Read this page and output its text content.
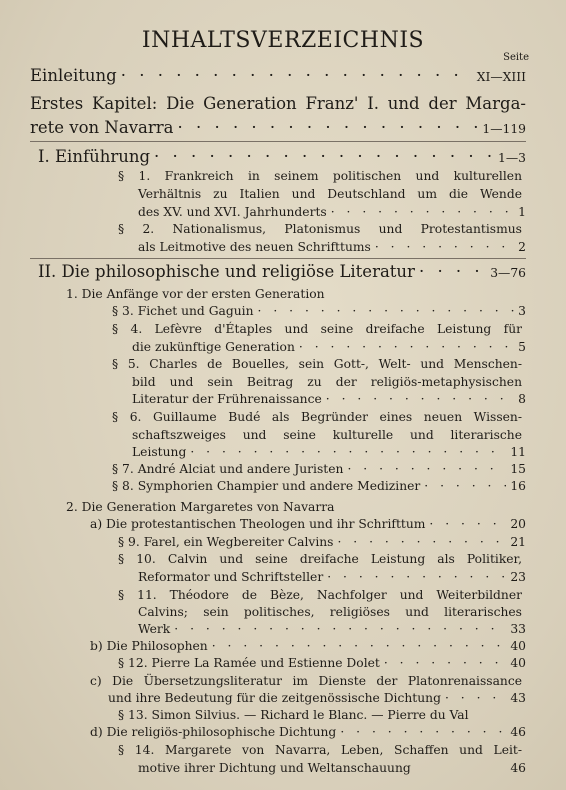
INHALTSVERZEICHNIS
Seite
Einleitung · · ·	XI—XIII
Erstes Kapitel: Die Generation Franz' I. und der Marga-
rete von Navarra · · ·	1—119
I. Einführung · · ·	1—3
§ 1. Frankreich in seinem politischen und kulturellen
Verhältnis zu Italien und Deutschland um die Wende
des XV. und XVI. Jahrhunderts · · ·	1
§ 2. Nationalismus, Platonismus und Protestantismus
als Leitmotive des neuen Schrifttums · · ·	2
II. Die philosophische und religiöse Literatur · · ·	3—76
1. Die Anfänge vor der ersten Generation
§ 3. Fichet und Gaguin · · ·	3
§ 4. Lefèvre d'Étaples und seine dreifache Leistung für
die zukünftige Generation · · ·	5
§ 5. Charles de Bouelles, sein Gott-, Welt- und Menschen-
bild und sein Beitrag zu der religiös-metaphysischen
Literatur der Frührenaissance · · ·	8
§ 6. Guillaume Budé als Begründer eines neuen Wissen-
schaftszweiges und seine kulturelle und literarische
Leistung · · ·	11
§ 7. André Alciat und andere Juristen · · ·	15
§ 8. Symphorien Champier und andere Mediziner · · ·	16
2. Die Generation Margaretes von Navarra
a) Die protestantischen Theologen und ihr Schrifttum · · ·	20
§ 9. Farel, ein Wegbereiter Calvins · · ·	21
§ 10. Calvin und seine dreifache Leistung als Politiker,
Reformator und Schriftsteller · · ·	23
§ 11. Théodore de Bèze, Nachfolger und Weiterbildner
Calvins; sein politisches, religiöses und literarisches
Werk · · ·	33
b) Die Philosophen · · ·	40
§ 12. Pierre La Ramée und Estienne Dolet · · ·	40
c) Die Übersetzungsliteratur im Dienste der Platonrenaissance
und ihre Bedeutung für die zeitgenössische Dichtung · · ·	43
§ 13. Simon Silvius. — Richard le Blanc. — Pierre du Val
d) Die religiös-philosophische Dichtung · · ·	46
§ 14. Margarete von Navarra, Leben, Schaffen und Leit-
motive ihrer Dichtung und Weltanschauung	46
